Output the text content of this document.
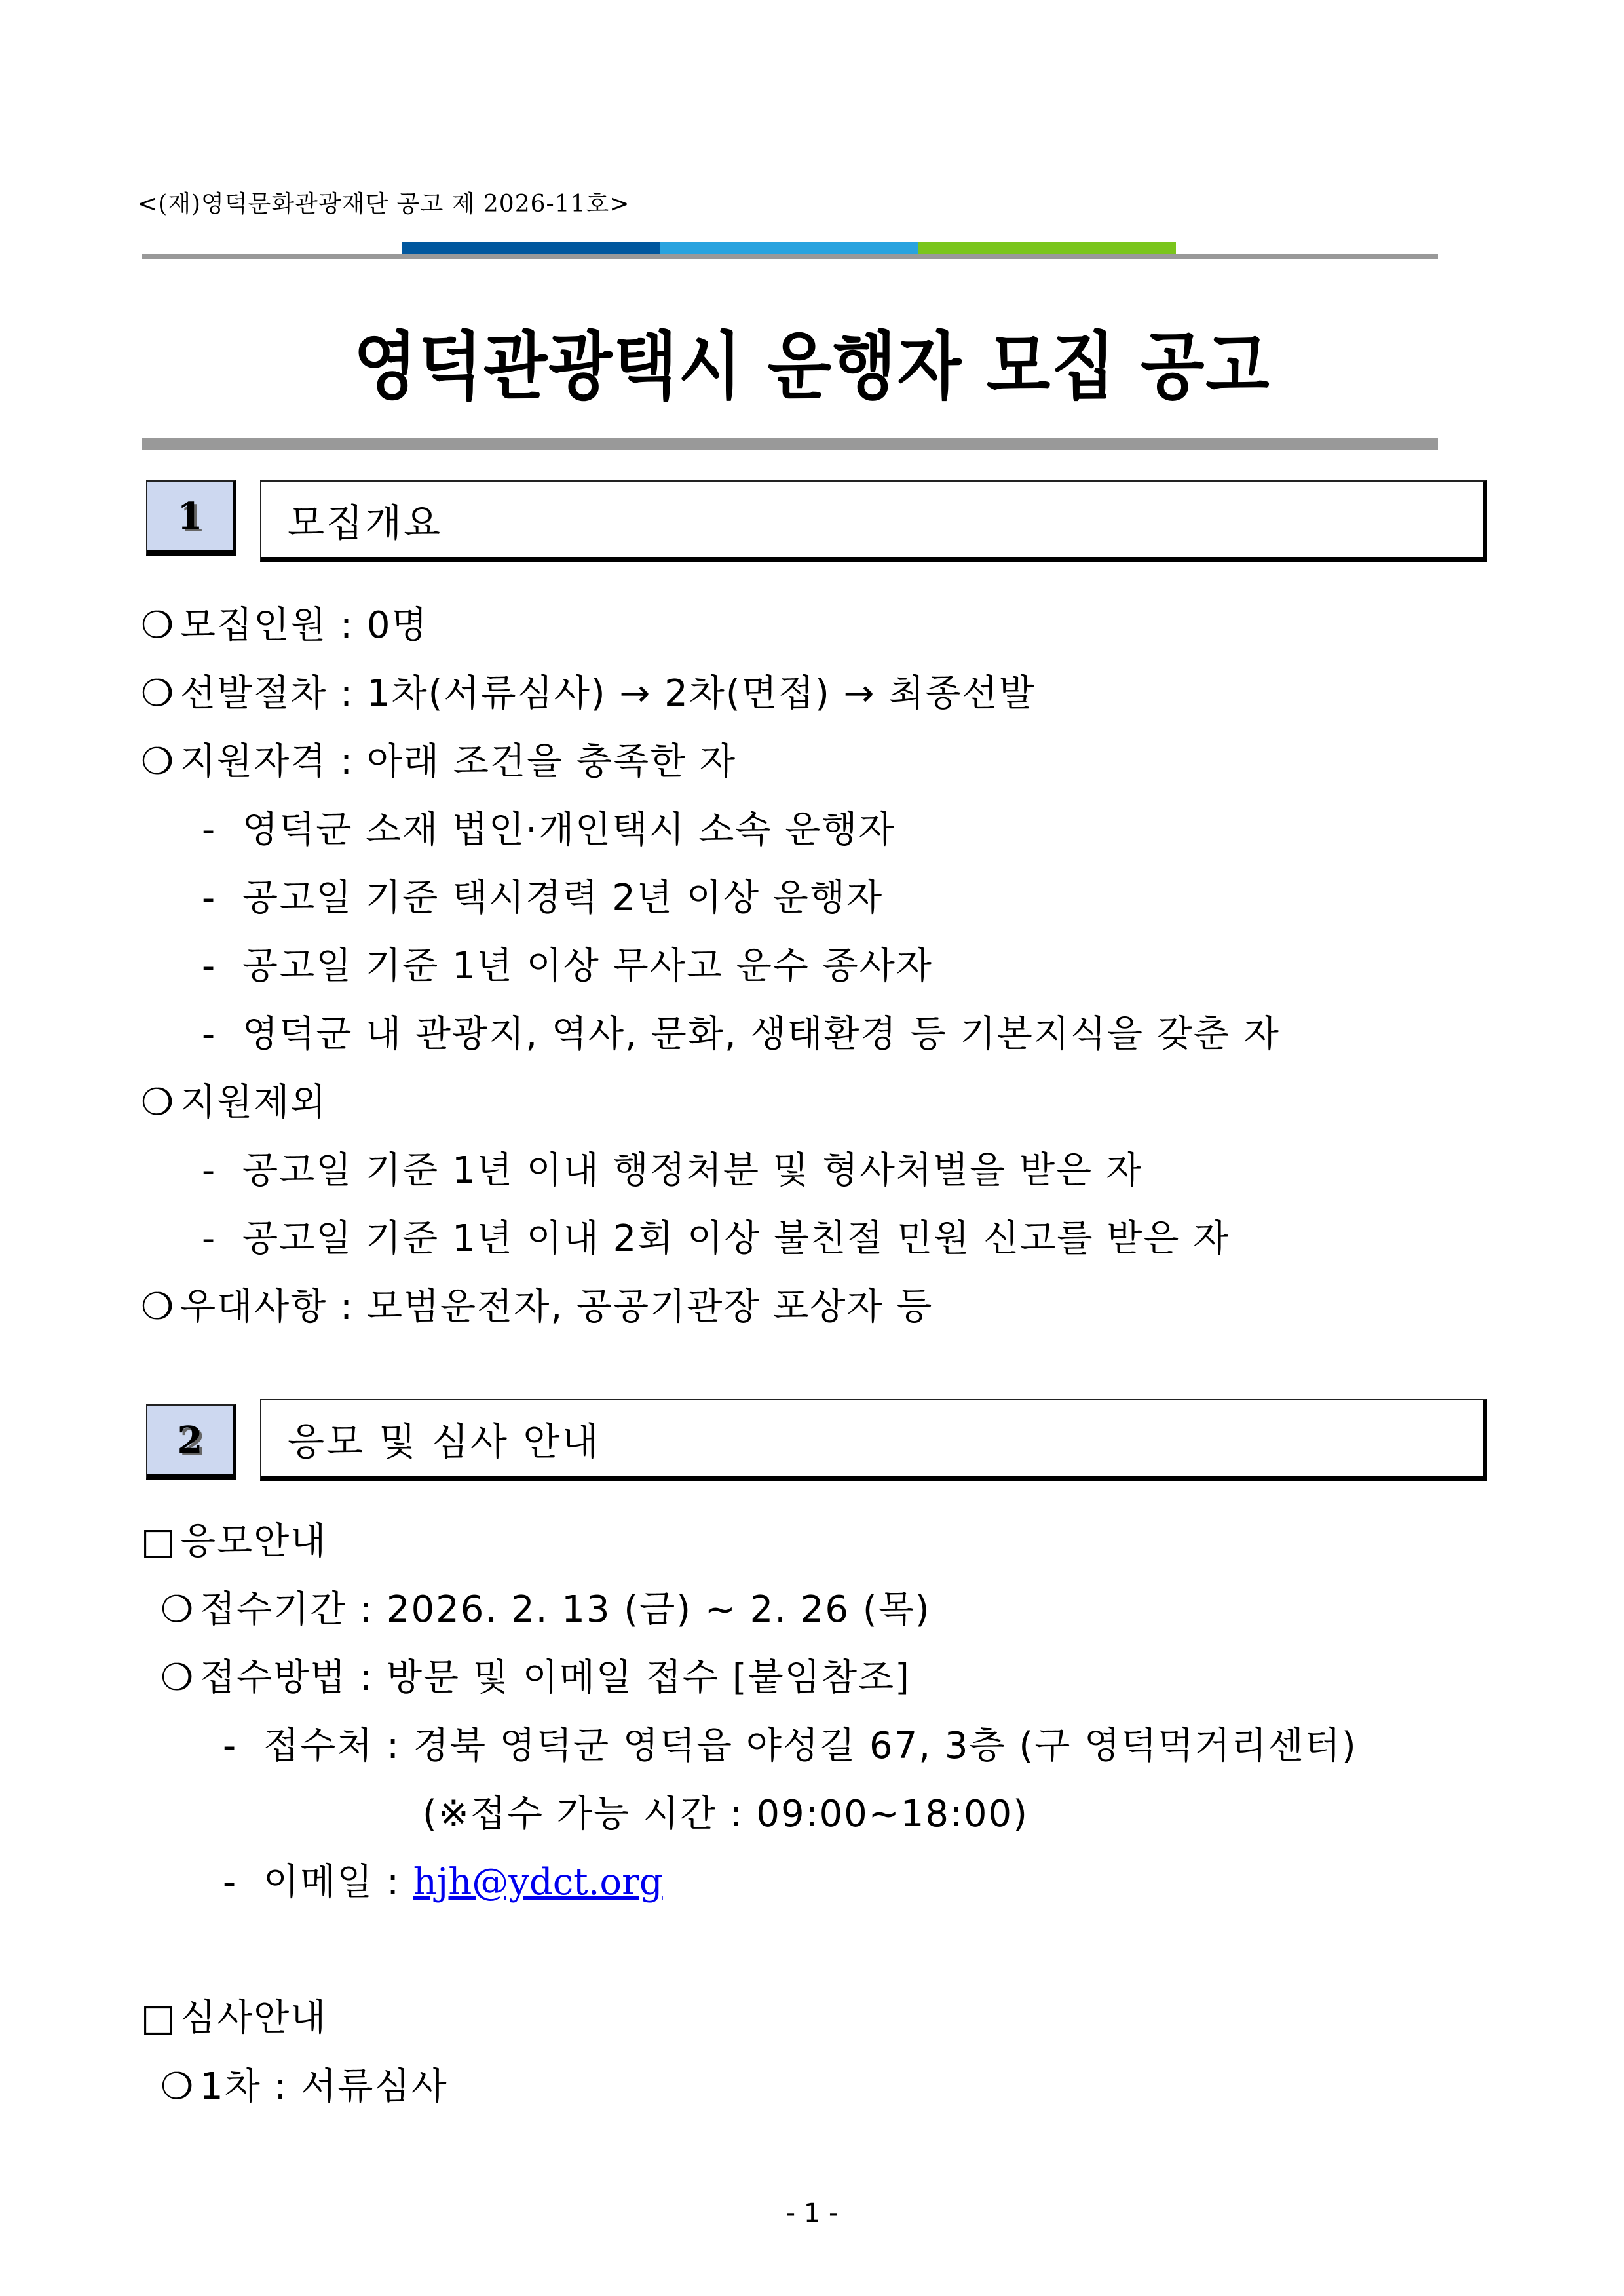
<(재)영덕문화관광재단 공고 제 2026-11호>
영덕관광택시 운행자 모집 공고
1	모집개요
❍ 모집인원 : 0명
❍ 선발절차 : 1차(서류심사) → 2차(면접) → 최종선발
❍ 지원자격 : 아래 조건을 충족한 자
- 영덕군 소재 법인·개인택시 소속 운행자
- 공고일 기준 택시경력 2년 이상 운행자
- 공고일 기준 1년 이상 무사고 운수 종사자
- 영덕군 내 관광지, 역사, 문화, 생태환경 등 기본지식을 갖춘 자
❍ 지원제외
- 공고일 기준 1년 이내 행정처분 및 형사처벌을 받은 자
- 공고일 기준 1년 이내 2회 이상 불친절 민원 신고를 받은 자
❍ 우대사항 : 모범운전자, 공공기관장 포상자 등
2	응모 및 심사 안내
□응모안내
❍ 접수기간 : 2026. 2. 13 (금) ~ 2. 26 (목)
❍ 접수방법 : 방문 및 이메일 접수 [붙임참조]
- 접수처 : 경북 영덕군 영덕읍 야성길 67, 3층 (구 영덕먹거리센터)
(※접수 가능 시간 : 09:00~18:00)
- 이메일 : hjh@ydct.org
□심사안내
❍ 1차 : 서류심사
- 1 -
